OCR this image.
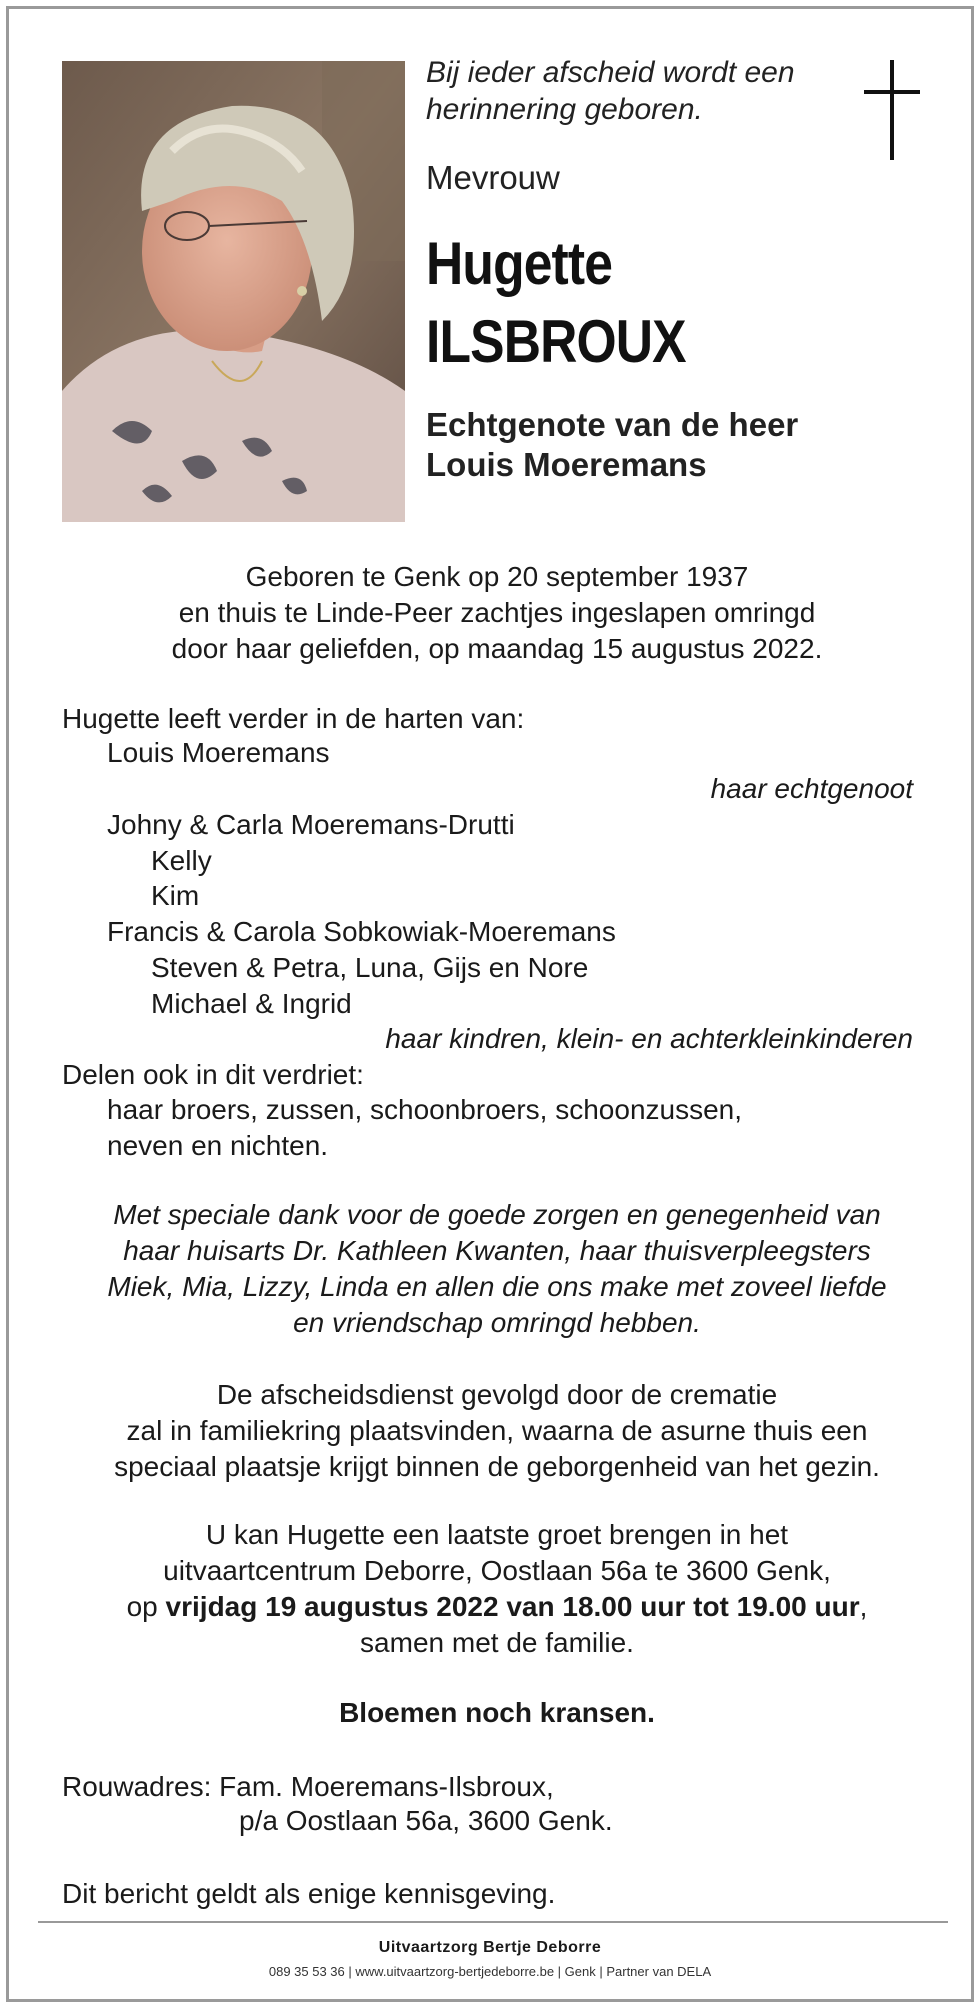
Bij ieder afscheid wordt een
herinnering geboren.
Mevrouw
Hugette
ILSBROUX
Echtgenote van de heer
Louis Moeremans
Geboren te Genk op 20 september 1937
en thuis te Linde-Peer zachtjes ingeslapen omringd
door haar geliefden, op maandag 15 augustus 2022.
Hugette leeft verder in de harten van:
Louis Moeremans
haar echtgenoot
Johny & Carla Moeremans-Drutti
Kelly
Kim
Francis & Carola Sobkowiak-Moeremans
Steven & Petra, Luna, Gijs en Nore
Michael & Ingrid
haar kindren, klein- en achterkleinkinderen
Delen ook in dit verdriet:
haar broers, zussen, schoonbroers, schoonzussen,
neven en nichten.
Met speciale dank voor de goede zorgen en genegenheid van
haar huisarts Dr. Kathleen Kwanten, haar thuisverpleegsters
Miek, Mia, Lizzy, Linda en allen die ons make met zoveel liefde
en vriendschap omringd hebben.
De afscheidsdienst gevolgd door de crematie
zal in familiekring plaatsvinden, waarna de asurne thuis een
speciaal plaatsje krijgt binnen de geborgenheid van het gezin.
U kan Hugette een laatste groet brengen in het
uitvaartcentrum Deborre, Oostlaan 56a te 3600 Genk,
op vrijdag 19 augustus 2022 van 18.00 uur tot 19.00 uur,
samen met de familie.
Bloemen noch kransen.
Rouwadres: Fam. Moeremans-Ilsbroux,
p/a Oostlaan 56a, 3600 Genk.
Dit bericht geldt als enige kennisgeving.
Uitvaartzorg Bertje Deborre
089 35 53 36 | www.uitvaartzorg-bertjedeborre.be | Genk | Partner van DELA
